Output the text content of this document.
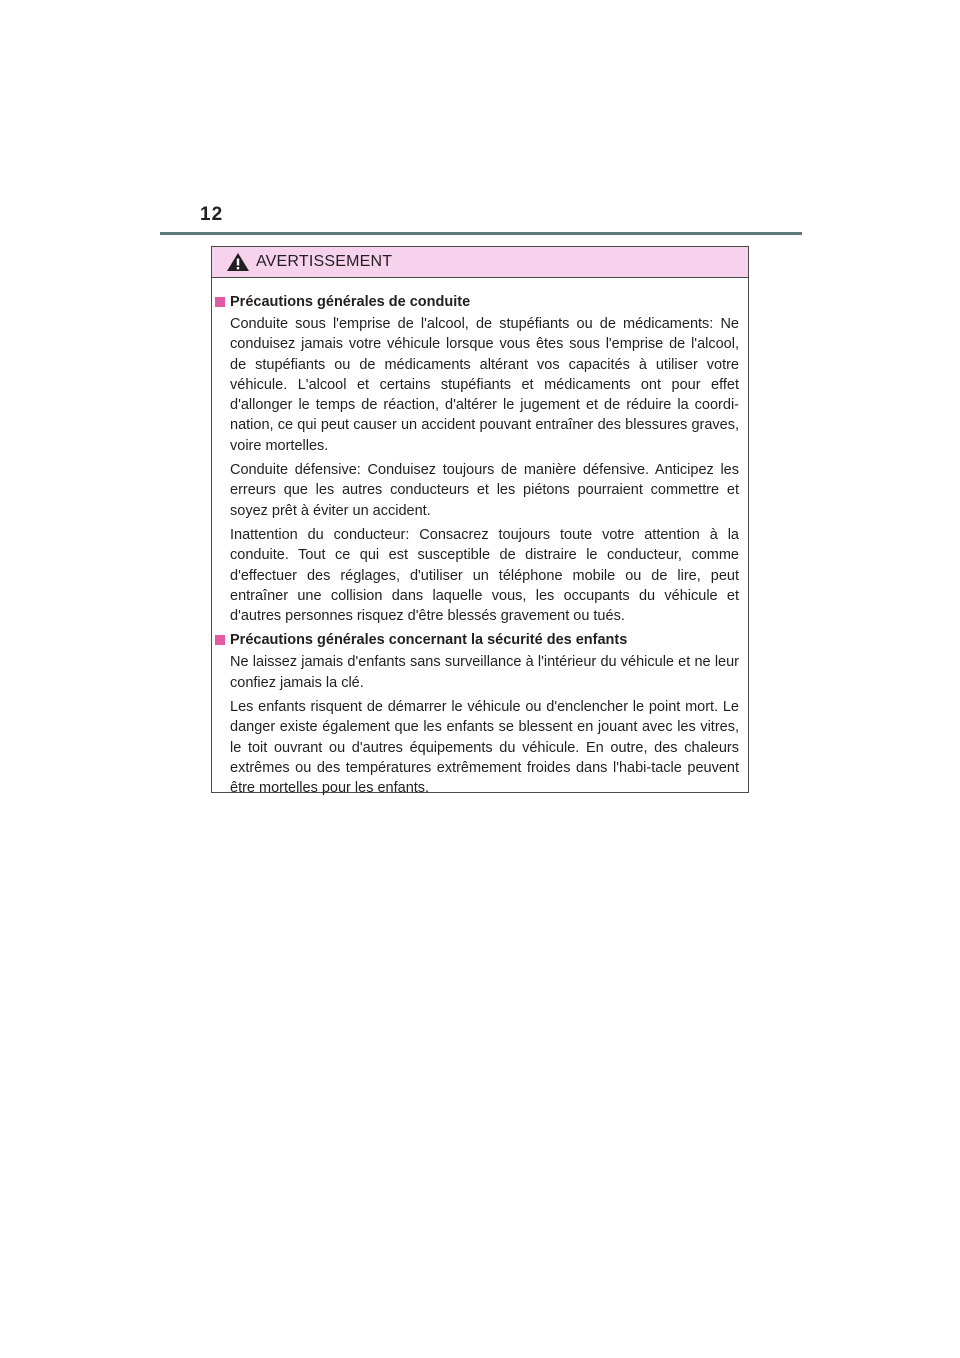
12
AVERTISSEMENT
Précautions générales de conduite

Conduite sous l'emprise de l'alcool, de stupéfiants ou de médicaments: Ne conduisez jamais votre véhicule lorsque vous êtes sous l'emprise de l'alcool, de stupéfiants ou de médicaments altérant vos capacités à utiliser votre véhicule. L'alcool et certains stupéfiants et médicaments ont pour effet d'allonger le temps de réaction, d'altérer le jugement et de réduire la coordi-nation, ce qui peut causer un accident pouvant entraîner des blessures graves, voire mortelles.

Conduite défensive: Conduisez toujours de manière défensive. Anticipez les erreurs que les autres conducteurs et les piétons pourraient commettre et soyez prêt à éviter un accident.

Inattention du conducteur: Consacrez toujours toute votre attention à la conduite. Tout ce qui est susceptible de distraire le conducteur, comme d'effectuer des réglages, d'utiliser un téléphone mobile ou de lire, peut entraîner une collision dans laquelle vous, les occupants du véhicule et d'autres personnes risquez d'être blessés gravement ou tués.

Précautions générales concernant la sécurité des enfants

Ne laissez jamais d'enfants sans surveillance à l'intérieur du véhicule et ne leur confiez jamais la clé.

Les enfants risquent de démarrer le véhicule ou d'enclencher le point mort. Le danger existe également que les enfants se blessent en jouant avec les vitres, le toit ouvrant ou d'autres équipements du véhicule. En outre, des chaleurs extrêmes ou des températures extrêmement froides dans l'habi-tacle peuvent être mortelles pour les enfants.
